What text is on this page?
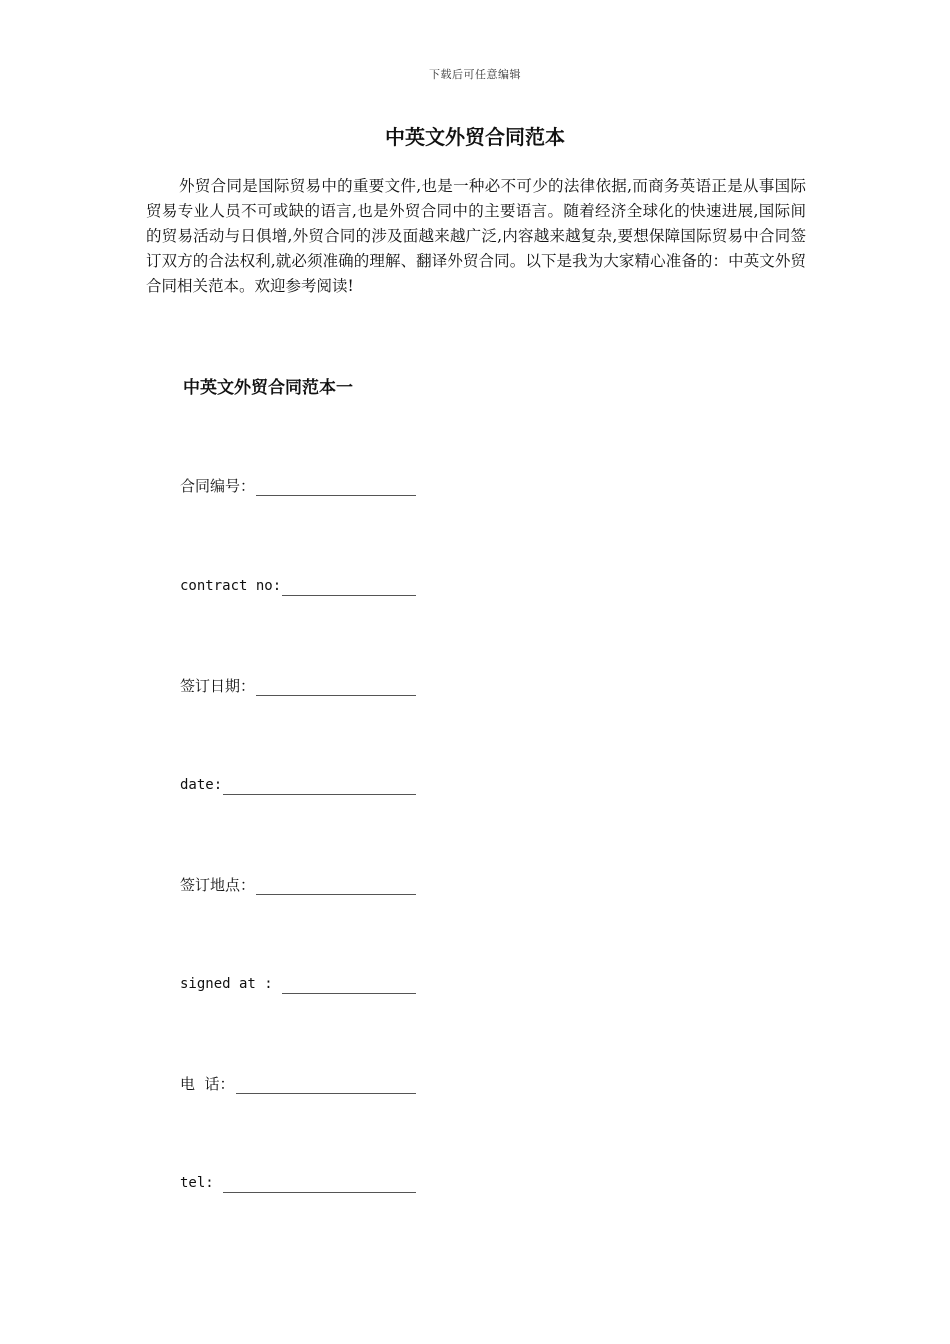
下载后可任意编辑
中英文外贸合同范本

外贸合同是国际贸易中的重要文件,也是一种必不可少的法律依据,而商务英语正是从事国际贸易专业人员不可或缺的语言,也是外贸合同中的主要语言。随着经济全球化的快速进展,国际间的贸易活动与日俱增,外贸合同的涉及面越来越广泛,内容越来越复杂,要想保障国际贸易中合同签订双方的合法权利,就必须准确的理解、翻译外贸合同。以下是我为大家精心准备的：中英文外贸合同相关范本。欢迎参考阅读!

中英文外贸合同范本一
合同编号：
contract no:
签订日期：
date:
签订地点：
signed at :
电  话：
tel:
